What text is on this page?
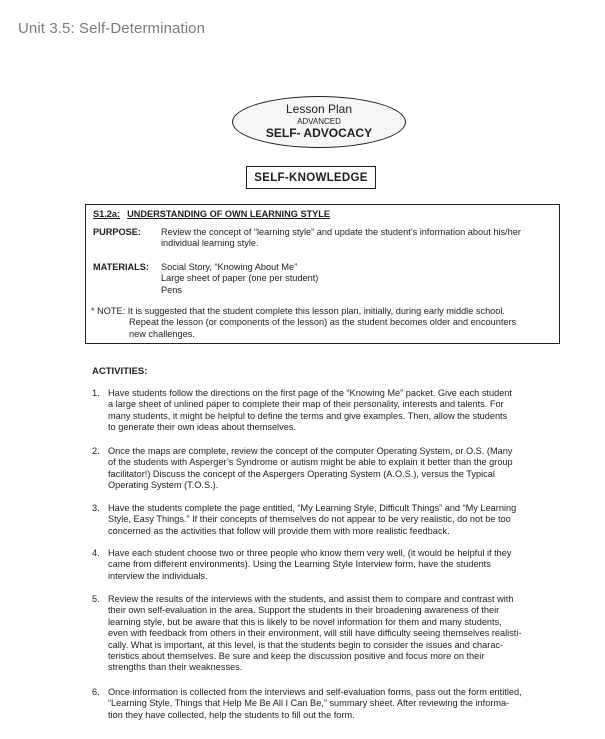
Unit 3.5: Self-Determination
Lesson Plan
ADVANCED
SELF- ADVOCACY
SELF-KNOWLEDGE
S1.2a: UNDERSTANDING OF OWN LEARNING STYLE
PURPOSE: Review the concept of “learning style” and update the student’s information about his/her
individual learning style.
MATERIALS: Social Story, “Knowing About Me”
Large sheet of paper (one per student)
Pens
* NOTE: It is suggested that the student complete this lesson plan, initially, during early middle school.
Repeat the lesson (or components of the lesson) as the student becomes older and encounters
new challenges.
ACTIVITIES:
1. Have students follow the directions on the first page of the “Knowing Me” packet. Give each student
a large sheet of unlined paper to complete their map of their personality, interests and talents. For
many students, it might be helpful to define the terms and give examples. Then, allow the students
to generate their own ideas about themselves.
2. Once the maps are complete, review the concept of the computer Operating System, or O.S. (Many
of the students with Asperger’s Syndrome or autism might be able to explain it better than the group
facilitator!) Discuss the concept of the Aspergers Operating System (A.O.S.), versus the Typical
Operating System (T.O.S.).
3. Have the students complete the page entitled, “My Learning Style, Difficult Things” and “My Learning
Style, Easy Things.” If their concepts of themselves do not appear to be very realistic, do not be too
concerned as the activities that follow will provide them with more realistic feedback.
4. Have each student choose two or three people who know them very well, (it would be helpful if they
came from different environments). Using the Learning Style Interview form, have the students
interview the individuals.
5. Review the results of the interviews with the students, and assist them to compare and contrast with
their own self-evaluation in the area. Support the students in their broadening awareness of their
learning style, but be aware that this is likely to be novel information for them and many students,
even with feedback from others in their environment, will still have difficulty seeing themselves realisti-
cally. What is important, at this level, is that the students begin to consider the issues and charac-
teristics about themselves. Be sure and keep the discussion positive and focus more on their
strengths than their weaknesses.
6. Once information is collected from the interviews and self-evaluation forms, pass out the form entitled,
“Learning Style, Things that Help Me Be All I Can Be,” summary sheet. After reviewing the informa-
tion they have collected, help the students to fill out the form.
